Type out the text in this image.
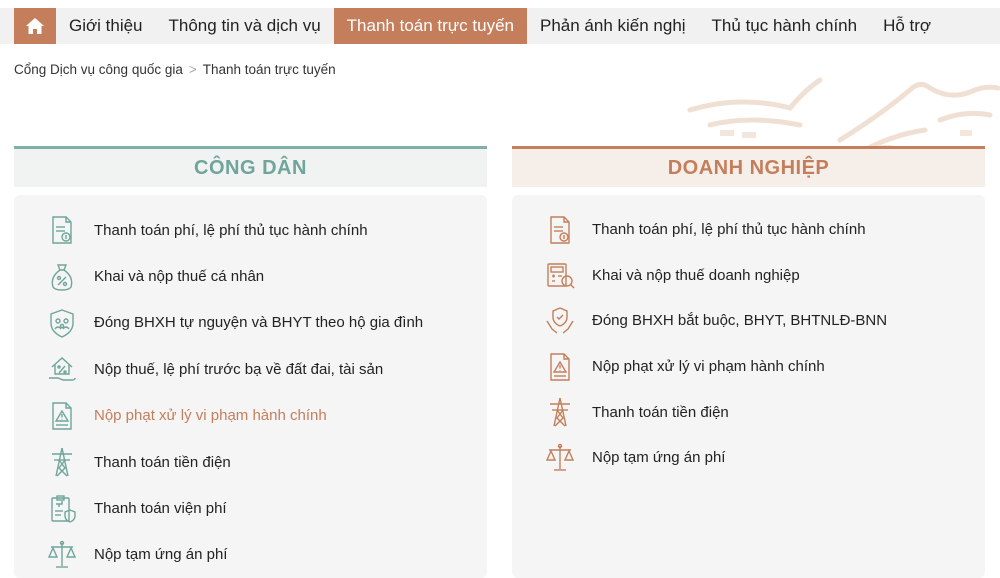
Giới thiệu	Thông tin và dịch vụ	Thanh toán trực tuyến	Phản ánh kiến nghị	Thủ tục hành chính	Hỗ trợ
Cổng Dịch vụ công quốc gia > Thanh toán trực tuyến
CÔNG DÂN
Thanh toán phí, lệ phí thủ tục hành chính
Khai và nộp thuế cá nhân
Đóng BHXH tự nguyện và BHYT theo hộ gia đình
Nộp thuế, lệ phí trước bạ về đất đai, tài sản
Nộp phạt xử lý vi phạm hành chính
Thanh toán tiền điện
Thanh toán viện phí
Nộp tạm ứng án phí
DOANH NGHIỆP
Thanh toán phí, lệ phí thủ tục hành chính
Khai và nộp thuế doanh nghiệp
Đóng BHXH bắt buộc, BHYT, BHTNLĐ-BNN
Nộp phạt xử lý vi phạm hành chính
Thanh toán tiền điện
Nộp tạm ứng án phí
